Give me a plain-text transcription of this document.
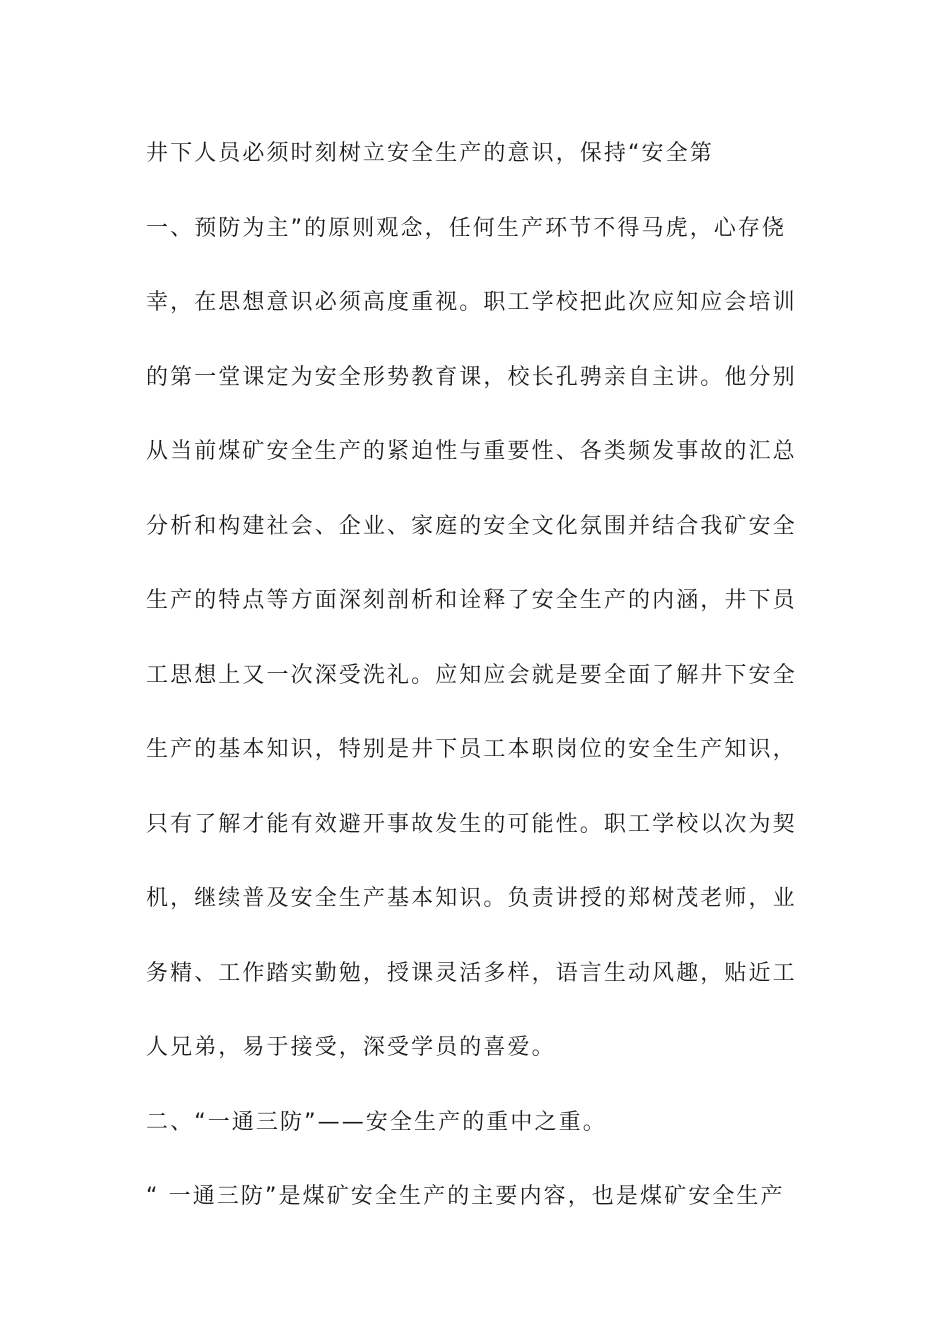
井下人员必须时刻树立安全生产的意识，保持“安全第
一、预防为主”的原则观念，任何生产环节不得马虎，心存侥
幸，在思想意识必须高度重视。职工学校把此次应知应会培训
的第一堂课定为安全形势教育课，校长孔骋亲自主讲。他分别
从当前煤矿安全生产的紧迫性与重要性、各类频发事故的汇总
分析和构建社会、企业、家庭的安全文化氛围并结合我矿安全
生产的特点等方面深刻剖析和诠释了安全生产的内涵，井下员
工思想上又一次深受洗礼。应知应会就是要全面了解井下安全
生产的基本知识，特别是井下员工本职岗位的安全生产知识，
只有了解才能有效避开事故发生的可能性。职工学校以次为契
机，继续普及安全生产基本知识。负责讲授的郑树茂老师，业
务精、工作踏实勤勉，授课灵活多样，语言生动风趣，贴近工
人兄弟，易于接受，深受学员的喜爱。
二、“一通三防”——安全生产的重中之重。
“ 一通三防”是煤矿安全生产的主要内容，也是煤矿安全生产
